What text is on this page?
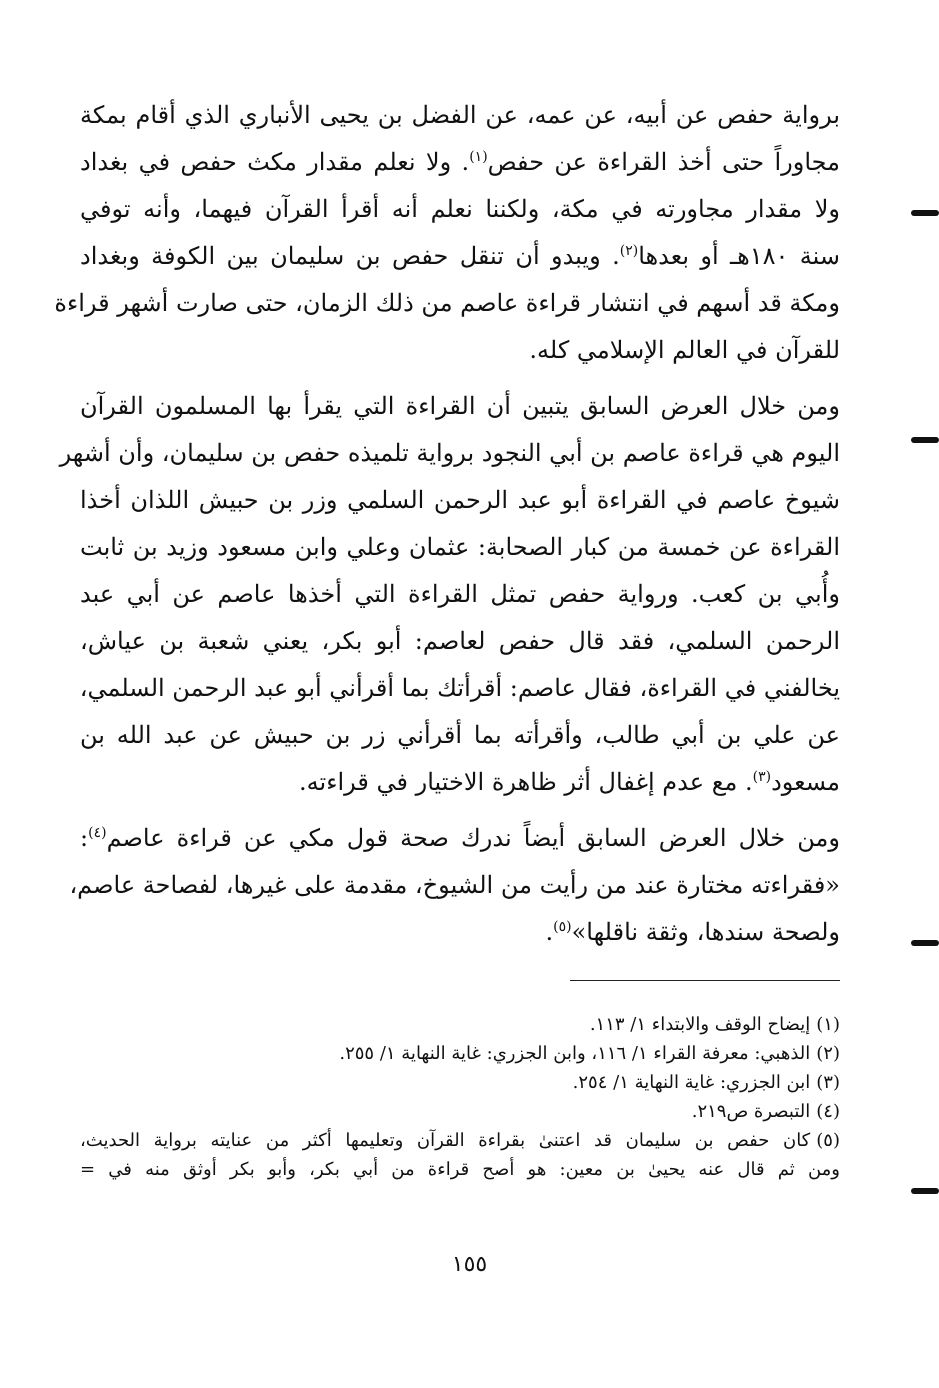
برواية حفص عن أبيه، عن عمه، عن الفضل بن يحيى الأنباري الذي أقام بمكة
مجاوراً حتى أخذ القراءة عن حفص$^{(١)}$. ولا نعلم مقدار مكث حفص في بغداد
ولا مقدار مجاورته في مكة، ولكننا نعلم أنه أقرأ القرآن فيهما، وأنه توفي
سنة ١٨٠هـ أو بعدها$^{(٢)}$. ويبدو أن تنقل حفص بن سليمان بين الكوفة وبغداد
ومكة قد أسهم في انتشار قراءة عاصم من ذلك الزمان، حتى صارت أشهر قراءة
للقرآن في العالم الإسلامي كله.
ومن خلال العرض السابق يتبين أن القراءة التي يقرأ بها المسلمون القرآن
اليوم هي قراءة عاصم بن أبي النجود برواية تلميذه حفص بن سليمان، وأن أشهر
شيوخ عاصم في القراءة أبو عبد الرحمن السلمي وزر بن حبيش اللذان أخذا
القراءة عن خمسة من كبار الصحابة: عثمان وعلي وابن مسعود وزيد بن ثابت
وأُبي بن كعب. ورواية حفص تمثل القراءة التي أخذها عاصم عن أبي عبد
الرحمن السلمي، فقد قال حفص لعاصم: أبو بكر، يعني شعبة بن عياش،
يخالفني في القراءة، فقال عاصم: أقرأتك بما أقرأني أبو عبد الرحمن السلمي،
عن علي بن أبي طالب، وأقرأته بما أقرأني زر بن حبيش عن عبد الله بن
مسعود$^{(٣)}$. مع عدم إغفال أثر ظاهرة الاختيار في قراءته.
ومن خلال العرض السابق أيضاً ندرك صحة قول مكي عن قراءة عاصم$^{(٤)}$:
«فقراءته مختارة عند من رأيت من الشيوخ، مقدمة على غيرها، لفصاحة عاصم،
ولصحة سندها، وثقة ناقلها»$^{(٥)}$.
(١)إيضاح الوقف والابتداء ١/ ١١٣.
(٢)الذهبي: معرفة القراء ١/ ١١٦، وابن الجزري: غاية النهاية ١/ ٢٥٥.
(٣)ابن الجزري: غاية النهاية ١/ ٢٥٤.
(٤)التبصرة ص٢١٩.
(٥)كان حفص بن سليمان قد اعتنىٰ بقراءة القرآن وتعليمها أكثر من عنايته برواية الحديث،
ومن ثم قال عنه يحيىٰ بن معين: هو أصح قراءة من أبي بكر، وأبو بكر أوثق منه في =
١٥٥
